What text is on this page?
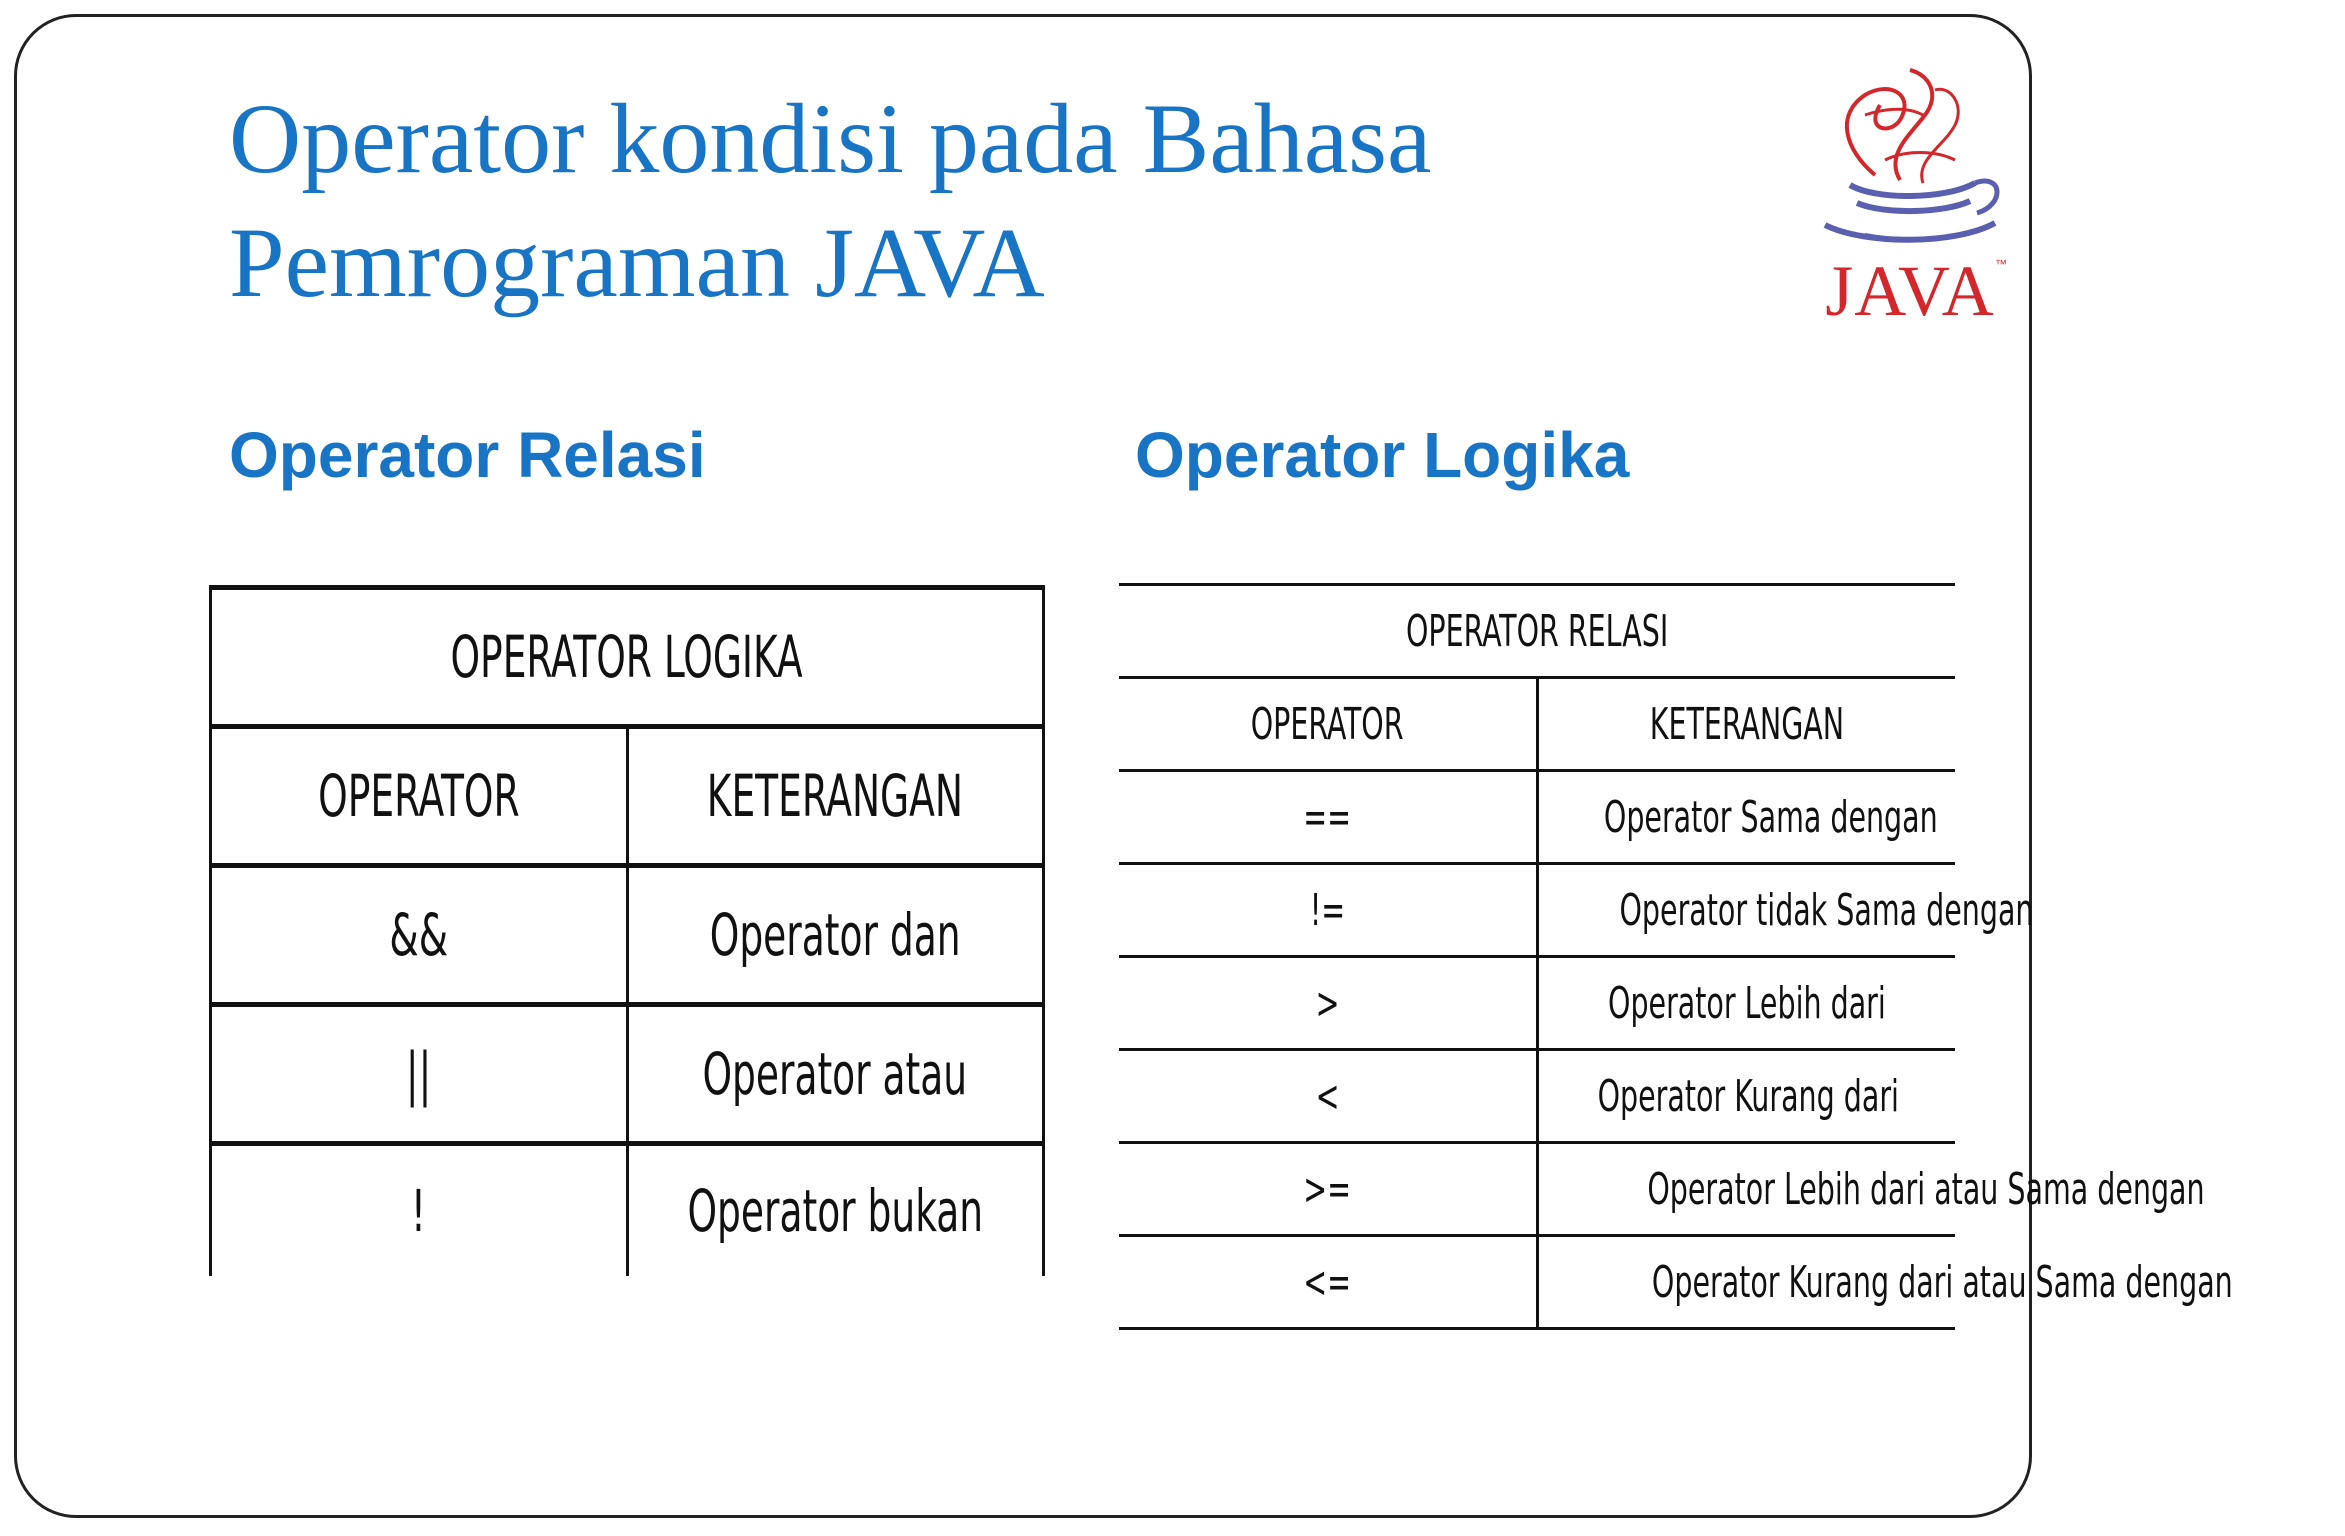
Operator kondisi pada Bahasa
Pemrograman JAVA	JAVA ™
Operator Relasi	Operator Logika
OPERATOR LOGIKA	
OPERATOR	KETERANGAN
&&	Operator dan
||	Operator atau
!	Operator bukan
OPERATOR RELASI	
OPERATOR	KETERANGAN
==	Operator Sama dengan
!=	Operator tidak Sama dengan
>	Operator Lebih dari
<	Operator Kurang dari
>=	Operator Lebih dari atau Sama dengan
<=	Operator Kurang dari atau Sama dengan
